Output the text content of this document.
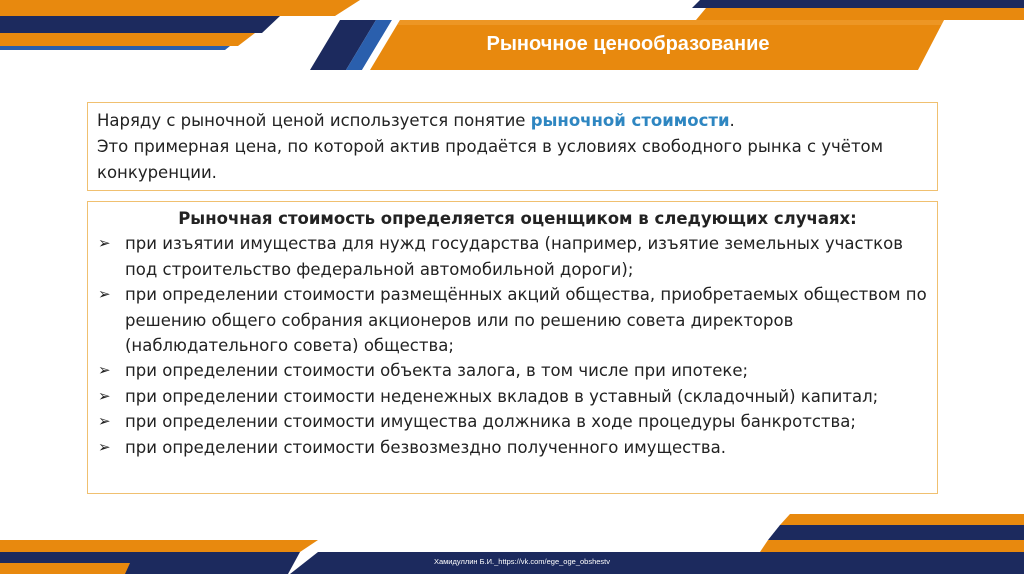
Рыночное ценообразование
Наряду с рыночной ценой используется понятие рыночной стоимости.
Это примерная цена, по которой актив продаётся в условиях свободного рынка с учётом конкуренции.
Рыночная стоимость определяется оценщиком в следующих случаях:
➢ при изъятии имущества для нужд государства (например, изъятие земельных участков под строительство федеральной автомобильной дороги);
➢ при определении стоимости размещённых акций общества, приобретаемых обществом по решению общего собрания акционеров или по решению совета директоров (наблюдательного совета) общества;
➢ при определении стоимости объекта залога, в том числе при ипотеке;
➢ при определении стоимости неденежных вкладов в уставный (складочный) капитал;
➢ при определении стоимости имущества должника в ходе процедуры банкротства;
➢ при определении стоимости безвозмездно полученного имущества.
Хамидуллин Б.И._https://vk.com/ege_oge_obshestv
